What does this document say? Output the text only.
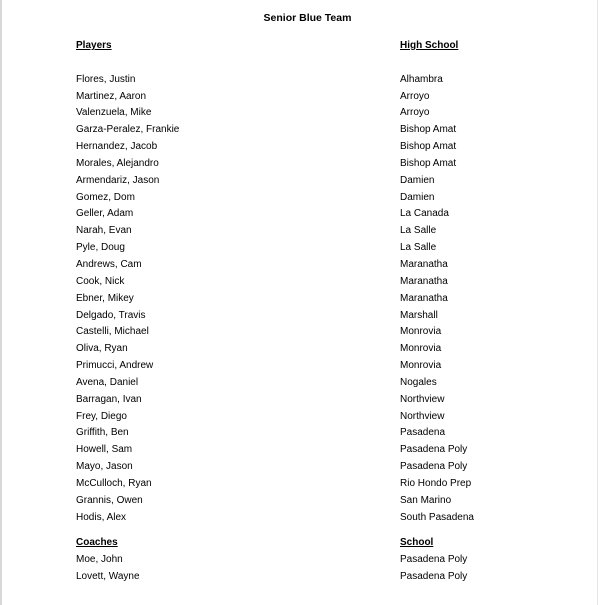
Senior Blue Team
Players
Flores, Justin
Martinez, Aaron
Valenzuela, Mike
Garza-Peralez, Frankie
Hernandez, Jacob
Morales, Alejandro
Armendariz, Jason
Gomez, Dom
Geller, Adam
Narah, Evan
Pyle, Doug
Andrews, Cam
Cook, Nick
Ebner, Mikey
Delgado, Travis
Castelli, Michael
Oliva, Ryan
Primucci, Andrew
Avena, Daniel
Barragan, Ivan
Frey, Diego
Griffith, Ben
Howell, Sam
Mayo, Jason
McCulloch, Ryan
Grannis, Owen
Hodis, Alex
High School
Alhambra
Arroyo
Arroyo
Bishop Amat
Bishop Amat
Bishop Amat
Damien
Damien
La Canada
La Salle
La Salle
Maranatha
Maranatha
Maranatha
Marshall
Monrovia
Monrovia
Monrovia
Nogales
Northview
Northview
Pasadena
Pasadena Poly
Pasadena Poly
Rio Hondo Prep
San Marino
South Pasadena
Coaches
Moe, John
Lovett, Wayne
School
Pasadena Poly
Pasadena Poly
